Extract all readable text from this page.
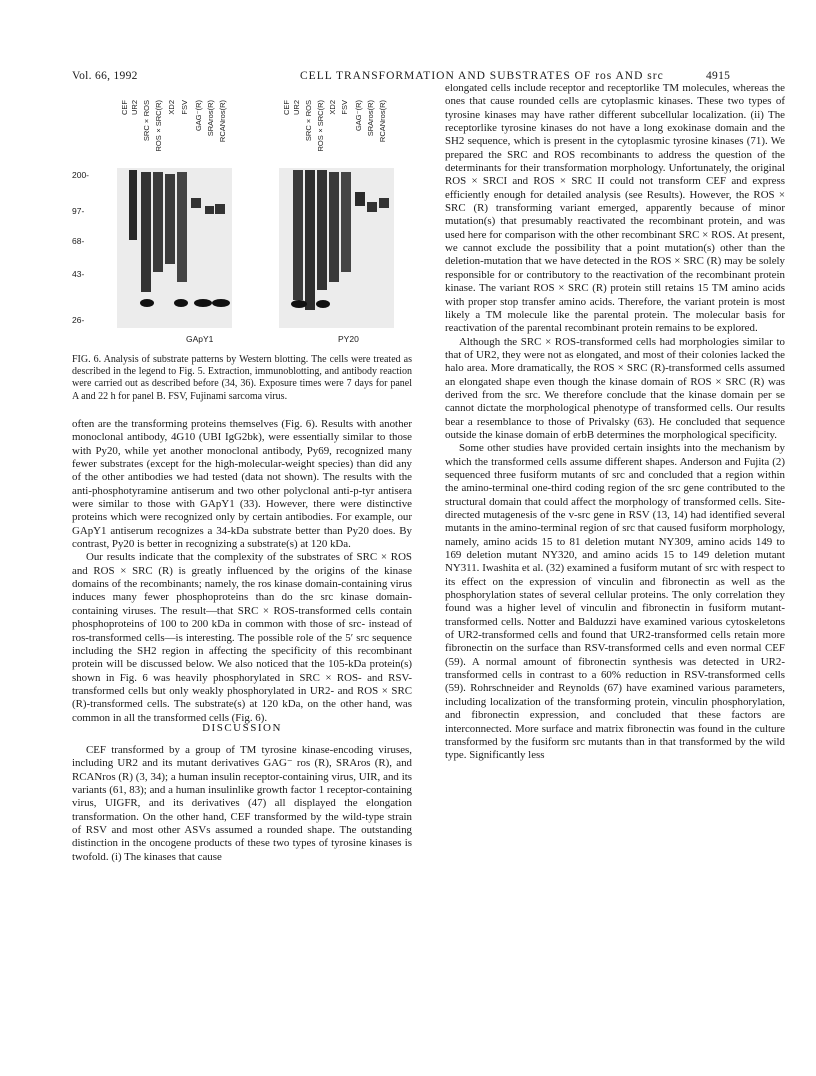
Vol. 66, 1992	CELL TRANSFORMATION AND SUBSTRATES OF ros AND src	4915
200-
97-
68-
43-
26-
CEF UR2 SRC×ROS ROS×SRC(R) XD2 FSV GAG⁻(R) SRAros(R) RCANros(R)
GApY1
CEF UR2 SRC×ROS ROS×SRC(R) XD2 FSV GAG⁻(R) SRAros(R) RCANros(R)
PY20
FIG. 6. Analysis of substrate patterns by Western blotting. The cells were treated as described in the legend to Fig. 5. Extraction, immunoblotting, and antibody reaction were carried out as described before (34, 36). Exposure times were 7 days for panel A and 22 h for panel B. FSV, Fujinami sarcoma virus.

often are the transforming proteins themselves (Fig. 6). Results with another monoclonal antibody, 4G10 (UBI IgG2bk), were essentially similar to those with Py20, while yet another monoclonal antibody, Py69, recognized many fewer substrates (except for the high-molecular-weight species) than did any of the other antibodies we had tested (data not shown). The results with the anti-phosphotyramine antiserum and two other polyclonal anti-p-tyr antisera were similar to those with GApY1 (33). However, there were distinctive proteins which were recognized only by certain antibodies. For example, our GApY1 antiserum recognizes a 34-kDa substrate better than Py20 does. By contrast, Py20 is better in recognizing a substrate(s) at 120 kDa.

Our results indicate that the complexity of the substrates of SRC × ROS and ROS × SRC (R) is greatly influenced by the origins of the kinase domains of the recombinants; namely, the ros kinase domain-containing virus induces many fewer phosphoproteins than do the src kinase domain-containing viruses. The result—that SRC × ROS-transformed cells contain phosphoproteins of 100 to 200 kDa in common with those of src- instead of ros-transformed cells—is interesting. The possible role of the 5′ src sequence including the SH2 region in affecting the specificity of this recombinant protein will be discussed below. We also noticed that the 105-kDa protein(s) shown in Fig. 6 was heavily phosphorylated in SRC × ROS- and RSV-transformed cells but only weakly phosphorylated in UR2- and ROS × SRC (R)-transformed cells. The substrate(s) at 120 kDa, on the other hand, was common in all the transformed cells (Fig. 6).

DISCUSSION

CEF transformed by a group of TM tyrosine kinase-encoding viruses, including UR2 and its mutant derivatives GAG⁻ ros (R), SRAros (R), and RCANros (R) (3, 34); a human insulin receptor-containing virus, UIR, and its variants (61, 83); and a human insulinlike growth factor 1 receptor-containing virus, UIGFR, and its derivatives (47) all displayed the elongation transformation. On the other hand, CEF transformed by the wild-type strain of RSV and most other ASVs assumed a rounded shape. The outstanding distinction in the oncogene products of these two types of tyrosine kinases is twofold. (i) The kinases that cause

elongated cells include receptor and receptorlike TM molecules, whereas the ones that cause rounded cells are cytoplasmic kinases. These two types of tyrosine kinases may have rather different subcellular localization. (ii) The receptorlike tyrosine kinases do not have a long exokinase domain and the SH2 sequence, which is present in the cytoplasmic tyrosine kinases (71). We prepared the SRC and ROS recombinants to address the question of the determinants for their transformation morphology. Unfortunately, the original ROS × SRCI and ROS × SRC II could not transform CEF and express efficiently enough for detailed analysis (see Results). However, the ROS × SRC (R) transforming variant emerged, apparently because of minor mutation(s) that presumably reactivated the recombinant protein, and was used here for comparison with the other recombinant SRC × ROS. At present, we cannot exclude the possibility that a point mutation(s) other than the deletion-mutation that we have detected in the ROS × SRC (R) may be solely responsible for or contributory to the reactivation of the recombinant protein kinase. The variant ROS × SRC (R) protein still retains 15 TM amino acids with proper stop transfer amino acids. Therefore, the variant protein is most likely a TM molecule like the parental protein. The molecular basis for reactivation of the parental recombinant protein remains to be explored.

Although the SRC × ROS-transformed cells had morphologies similar to that of UR2, they were not as elongated, and most of their colonies lacked the halo area. More dramatically, the ROS × SRC (R)-transformed cells assumed an elongated shape even though the kinase domain of ROS × SRC (R) was derived from the src. We therefore conclude that the kinase domain per se cannot dictate the morphological phenotype of transformed cells. Our results bear a resemblance to those of Privalsky (63). He concluded that sequence outside the kinase domain of erbB determines the morphological specificity.

Some other studies have provided certain insights into the mechanism by which the transformed cells assume different shapes. Anderson and Fujita (2) sequenced three fusiform mutants of src and concluded that a region within the amino-terminal one-third coding region of the src gene contributed to the structural domain that could affect the morphology of transformed cells. Site-directed mutagenesis of the v-src gene in RSV (13, 14) had identified several mutants in the amino-terminal region of src that caused fusiform morphology, namely, amino acids 15 to 81 deletion mutant NY309, amino acids 149 to 169 deletion mutant NY320, and amino acids 15 to 149 deletion mutant NY311. Iwashita et al. (32) examined a fusiform mutant of src with respect to its effect on the expression of vinculin and fibronectin as well as the phosphorylation states of several cellular proteins. The only correlation they found was a higher level of vinculin and fibronectin in fusiform mutant-transformed cells. Notter and Balduzzi have examined various cytoskeletons of UR2-transformed cells and found that UR2-transformed cells retain more fibronectin on the surface than RSV-transformed cells and even normal CEF (59). A normal amount of fibronectin synthesis was detected in UR2-transformed cells in contrast to a 60% reduction in RSV-transformed cells (59). Rohrschneider and Reynolds (67) have examined various parameters, including localization of the transforming protein, vinculin phosphorylation, and fibronectin expression, and concluded that these factors are interconnected. More surface and matrix fibronectin was found in the culture transformed by the fusiform src mutants than in that transformed by the wild type. Significantly less
